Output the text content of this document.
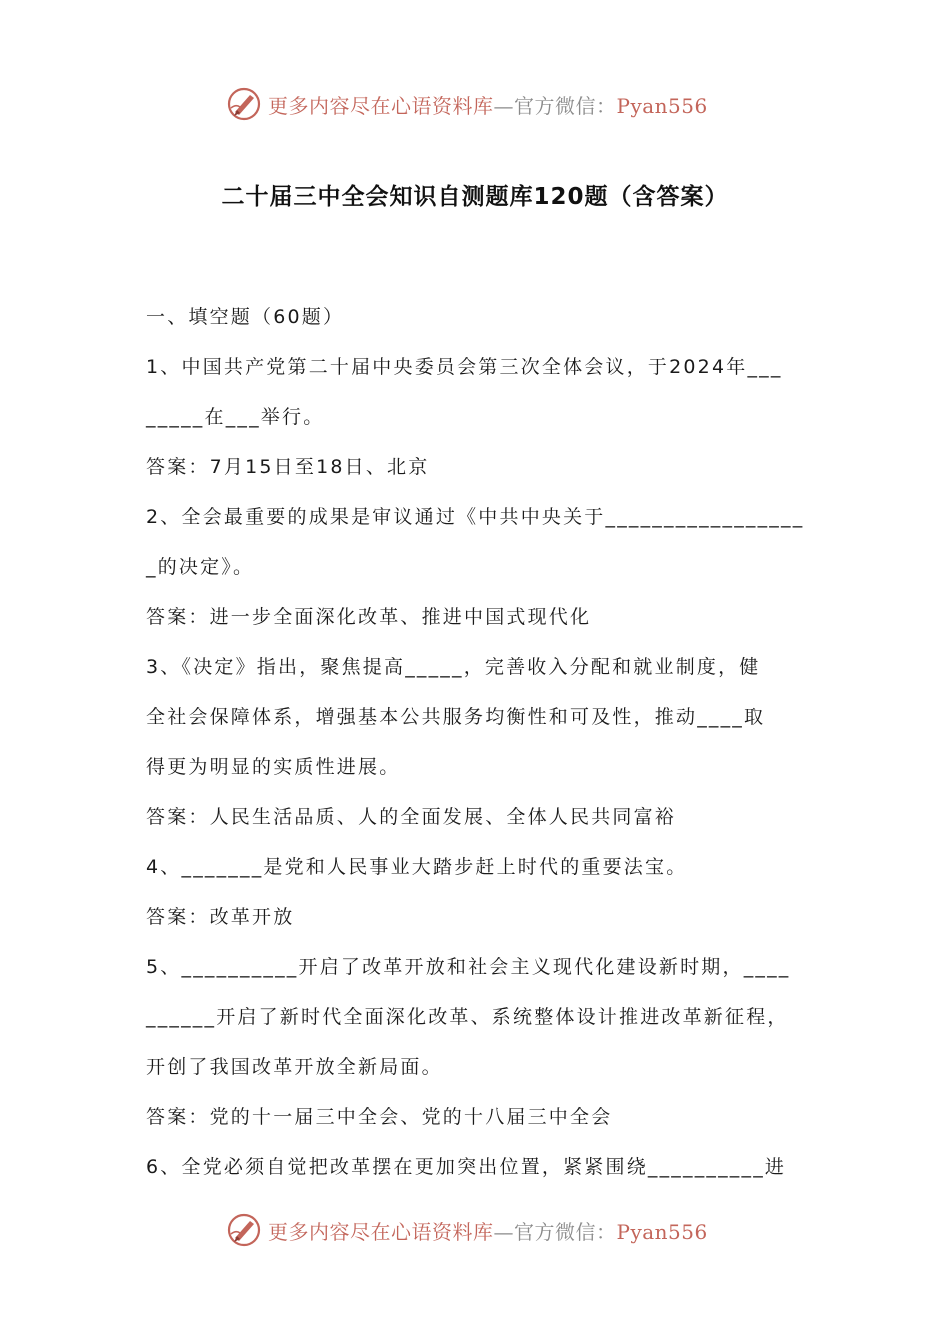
更多内容尽在心语资料库—官方微信：Pyan556
二十届三中全会知识自测题库120题（含答案）

一、填空题（60题）

1、中国共产党第二十届中央委员会第三次全体会议，于2024年___

_____在___举行。

答案：7月15日至18日、北京

2、全会最重要的成果是审议通过《中共中央关于_________________

_的决定》。

答案：进一步全面深化改革、推进中国式现代化

3、《决定》指出，聚焦提高_____，完善收入分配和就业制度，健

全社会保障体系，增强基本公共服务均衡性和可及性，推动____取

得更为明显的实质性进展。

答案：人民生活品质、人的全面发展、全体人民共同富裕

4、_______是党和人民事业大踏步赶上时代的重要法宝。

答案：改革开放

5、__________开启了改革开放和社会主义现代化建设新时期，____

______开启了新时代全面深化改革、系统整体设计推进改革新征程，

开创了我国改革开放全新局面。

答案：党的十一届三中全会、党的十八届三中全会

6、全党必须自觉把改革摆在更加突出位置，紧紧围绕__________进

更多内容尽在心语资料库—官方微信：Pyan556
